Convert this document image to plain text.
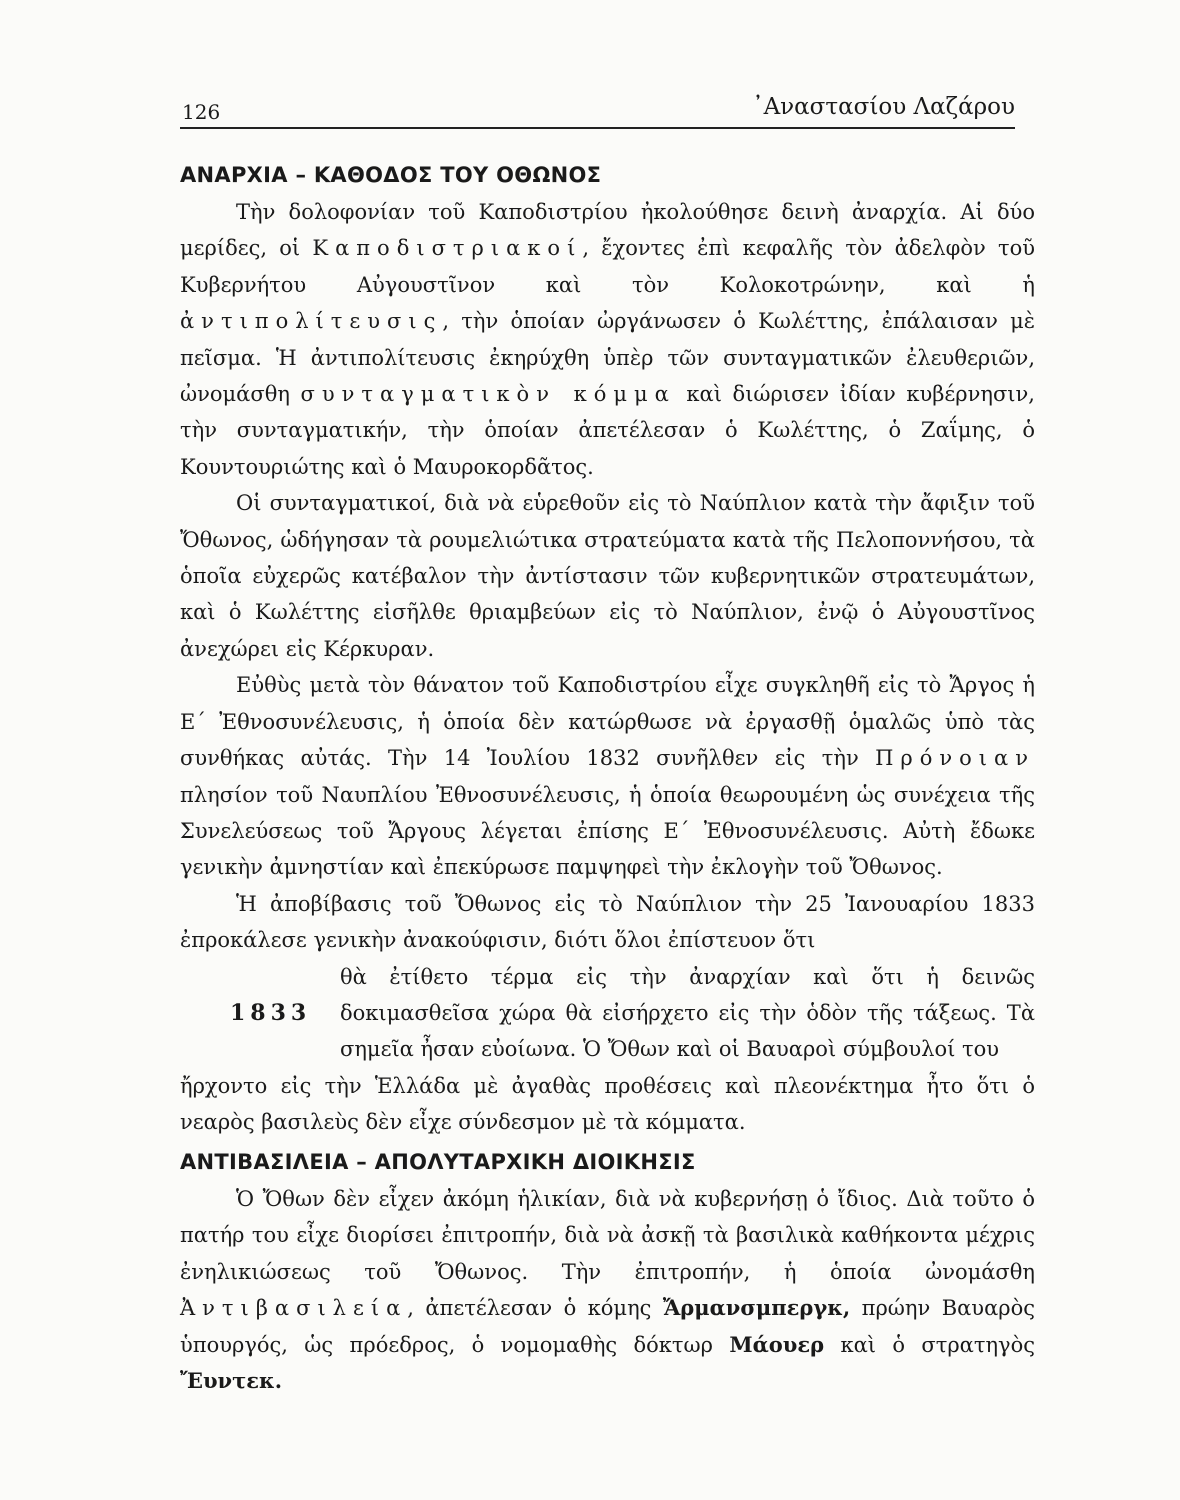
126	᾿Αναστασίου Λαζάρου
ΑΝΑΡΧΙΑ – ΚΑΘΟΔΟΣ ΤΟΥ ΟΘΩΝΟΣ

Τὴν δολοφονίαν τοῦ Καποδιστρίου ἠκολούθησε δεινὴ ἀναρχία. Αἱ δύο μερίδες, οἱ Καποδιστριακοί, ἔχοντες ἐπὶ κεφαλῆς τὸν ἀδελφὸν τοῦ Κυβερνήτου Αὐγουστῖνον καὶ τὸν Κολοκοτρώνην, καὶ ἡ ἀντιπολίτευσις, τὴν ὁποίαν ὠργάνωσεν ὁ Κωλέττης, ἐπάλαισαν μὲ πεῖσμα. Ἡ ἀντιπολίτευσις ἐκηρύχθη ὑπὲρ τῶν συνταγματικῶν ἐλευθεριῶν, ὠνομάσθη συνταγματικὸν κόμμα καὶ διώρισεν ἰδίαν κυβέρνησιν, τὴν συνταγματικήν, τὴν ὁποίαν ἀπετέλεσαν ὁ Κωλέττης, ὁ Ζαΐμης, ὁ Κουντουριώτης καὶ ὁ Μαυροκορδᾶτος.

Οἱ συνταγματικοί, διὰ νὰ εὑρεθοῦν εἰς τὸ Ναύπλιον κατὰ τὴν ἄφιξιν τοῦ Ὄθωνος, ὡδήγησαν τὰ ρουμελιώτικα στρατεύματα κατὰ τῆς Πελοποννήσου, τὰ ὁποῖα εὐχερῶς κατέβαλον τὴν ἀντίστασιν τῶν κυβερνητικῶν στρατευμάτων, καὶ ὁ Κωλέττης εἰσῆλθε θριαμβεύων εἰς τὸ Ναύπλιον, ἐνῷ ὁ Αὐγουστῖνος ἀνεχώρει εἰς Κέρκυραν.

Εὐθὺς μετὰ τὸν θάνατον τοῦ Καποδιστρίου εἶχε συγκληθῆ εἰς τὸ Ἄργος ἡ Ε΄ Ἐθνοσυνέλευσις, ἡ ὁποία δὲν κατώρθωσε νὰ ἐργασθῇ ὁμαλῶς ὑπὸ τὰς συνθήκας αὐτάς. Τὴν 14 Ἰουλίου 1832 συνῆλθεν εἰς τὴν Πρόνοιαν πλησίον τοῦ Ναυπλίου Ἐθνοσυνέλευσις, ἡ ὁποία θεωρουμένη ὡς συνέχεια τῆς Συνελεύσεως τοῦ Ἄργους λέγεται ἐπίσης Ε΄ Ἐθνοσυνέλευσις. Αὐτὴ ἔδωκε γενικὴν ἀμνηστίαν καὶ ἐπεκύρωσε παμψηφεὶ τὴν ἐκλογὴν τοῦ Ὄθωνος.

Ἡ ἀποβίβασις τοῦ Ὄθωνος εἰς τὸ Ναύπλιον τὴν 25 Ἰανουαρίου 1833 ἐπροκάλεσε γενικὴν ἀνακούφισιν, διότι ὅλοι ἐπίστευον ὅτι

1833

θὰ ἐτίθετο τέρμα εἰς τὴν ἀναρχίαν καὶ ὅτι ἡ δεινῶς δοκιμασθεῖσα χώρα θὰ εἰσήρχετο εἰς τὴν ὁδὸν τῆς τάξεως. Τὰ σημεῖα ἦσαν εὐοίωνα. Ὁ Ὄθων καὶ οἱ Βαυαροὶ σύμβουλοί του

ἤρχοντο εἰς τὴν Ἑλλάδα μὲ ἀγαθὰς προθέσεις καὶ πλεονέκτημα ἦτο ὅτι ὁ νεαρὸς βασιλεὺς δὲν εἶχε σύνδεσμον μὲ τὰ κόμματα.

ΑΝΤΙΒΑΣΙΛΕΙΑ – ΑΠΟΛΥΤΑΡΧΙΚΗ ΔΙΟΙΚΗΣΙΣ

Ὁ Ὄθων δὲν εἶχεν ἀκόμη ἡλικίαν, διὰ νὰ κυβερνήσῃ ὁ ἴδιος. Διὰ τοῦτο ὁ πατήρ του εἶχε διορίσει ἐπιτροπήν, διὰ νὰ ἀσκῇ τὰ βασιλικὰ καθήκοντα μέχρις ἐνηλικιώσεως τοῦ Ὄθωνος. Τὴν ἐπιτροπήν, ἡ ὁποία ὠνομάσθη Ἀντιβασιλεία, ἀπετέλεσαν ὁ κόμης Ἄρμανσμπεργκ, πρώην Βαυαρὸς ὑπουργός, ὡς πρόεδρος, ὁ νομομαθὴς δόκτωρ Μάουερ καὶ ὁ στρατηγὸς Ἔυντεκ.
